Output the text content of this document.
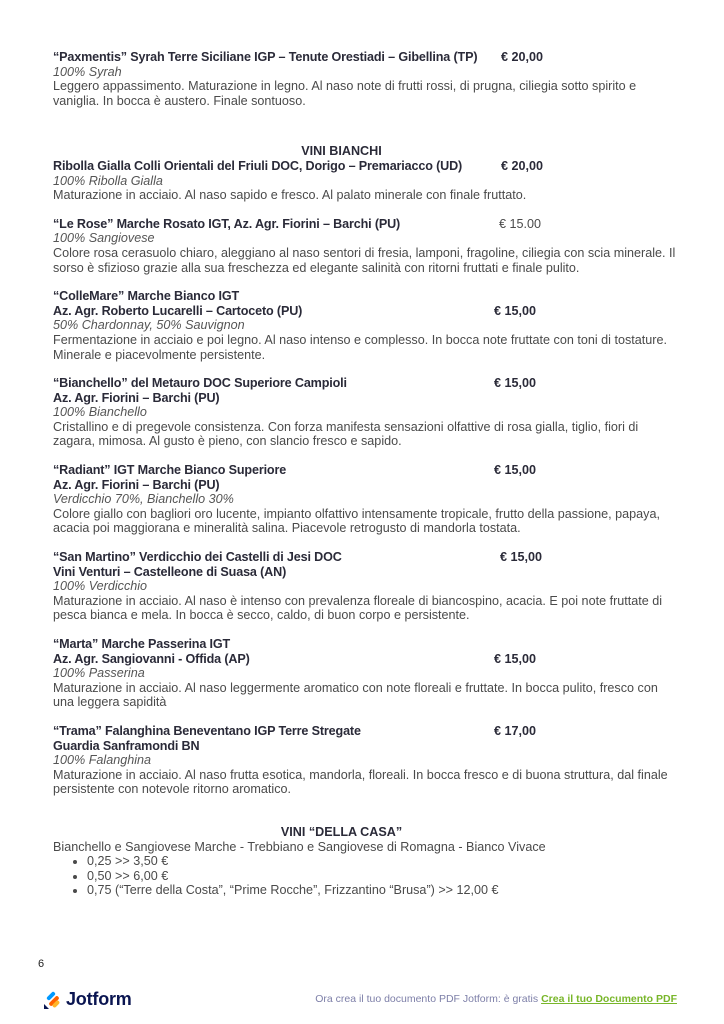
“Paxmentis” Syrah Terre Siciliane IGP – Tenute Orestiadi – Gibellina (TP) € 20,00
100% Syrah
Leggero appassimento. Maturazione in legno. Al naso note di frutti rossi, di prugna, ciliegia sotto spirito e vaniglia. In bocca è austero. Finale sontuoso.
VINI BIANCHI
Ribolla Gialla Colli Orientali del Friuli DOC, Dorigo – Premariacco (UD)	€ 20,00
100% Ribolla Gialla
Maturazione in acciaio. Al naso sapido e fresco. Al palato minerale con finale fruttato.
“Le Rose” Marche Rosato IGT, Az. Agr. Fiorini – Barchi (PU)	€ 15.00
100% Sangiovese
Colore rosa cerasuolo chiaro, aleggiano al naso sentori di fresia, lamponi, fragoline, ciliegia con scia minerale. Il sorso è sfizioso grazie alla sua freschezza ed elegante salinità con ritorni fruttati e finale pulito.
“ColleMare” Marche Bianco IGT
Az. Agr. Roberto Lucarelli – Cartoceto (PU)	€ 15,00
50% Chardonnay, 50% Sauvignon
Fermentazione in acciaio e poi legno. Al naso intenso e complesso. In bocca note fruttate con toni di tostature. Minerale e piacevolmente persistente.
“Bianchello” del Metauro DOC Superiore Campioli	€ 15,00
Az. Agr. Fiorini – Barchi (PU)
100% Bianchello
Cristallino e di pregevole consistenza. Con forza manifesta sensazioni olfattive di rosa gialla, tiglio, fiori di zagara, mimosa. Al gusto è pieno, con slancio fresco e sapido.
“Radiant” IGT Marche Bianco Superiore	€ 15,00
Az. Agr. Fiorini – Barchi (PU)
Verdicchio 70%, Bianchello 30%
Colore giallo con bagliori oro lucente, impianto olfattivo intensamente tropicale, frutto della passione, papaya, acacia poi maggiorana e mineralità salina. Piacevole retrogusto di mandorla tostata.
“San Martino” Verdicchio dei Castelli di Jesi DOC	€ 15,00
Vini Venturi – Castelleone di Suasa (AN)
100% Verdicchio
Maturazione in acciaio. Al naso è intenso con prevalenza floreale di biancospino, acacia. E poi note fruttate di pesca bianca e mela. In bocca è secco, caldo, di buon corpo e persistente.
“Marta” Marche Passerina IGT
Az. Agr. Sangiovanni - Offida (AP)	€ 15,00
100% Passerina
Maturazione in acciaio. Al naso leggermente aromatico con note floreali e fruttate. In bocca pulito, fresco con una leggera sapidità
“Trama” Falanghina Beneventano IGP Terre Stregate	€ 17,00
Guardia Sanframondi BN
100% Falanghina
Maturazione in acciaio. Al naso frutta esotica, mandorla, floreali. In bocca fresco e di buona struttura, dal finale persistente con notevole ritorno aromatico.
VINI “DELLA CASA”
Bianchello e Sangiovese Marche - Trebbiano e Sangiovese di Romagna - Bianco Vivace
• 0,25 >> 3,50 €
• 0,50 >> 6,00 €
• 0,75 (“Terre della Costa”, “Prime Rocche”, Frizzantino “Brusa”) >> 12,00 €
6
Jotform	Ora crea il tuo documento PDF Jotform: è gratis Crea il tuo Documento PDF
